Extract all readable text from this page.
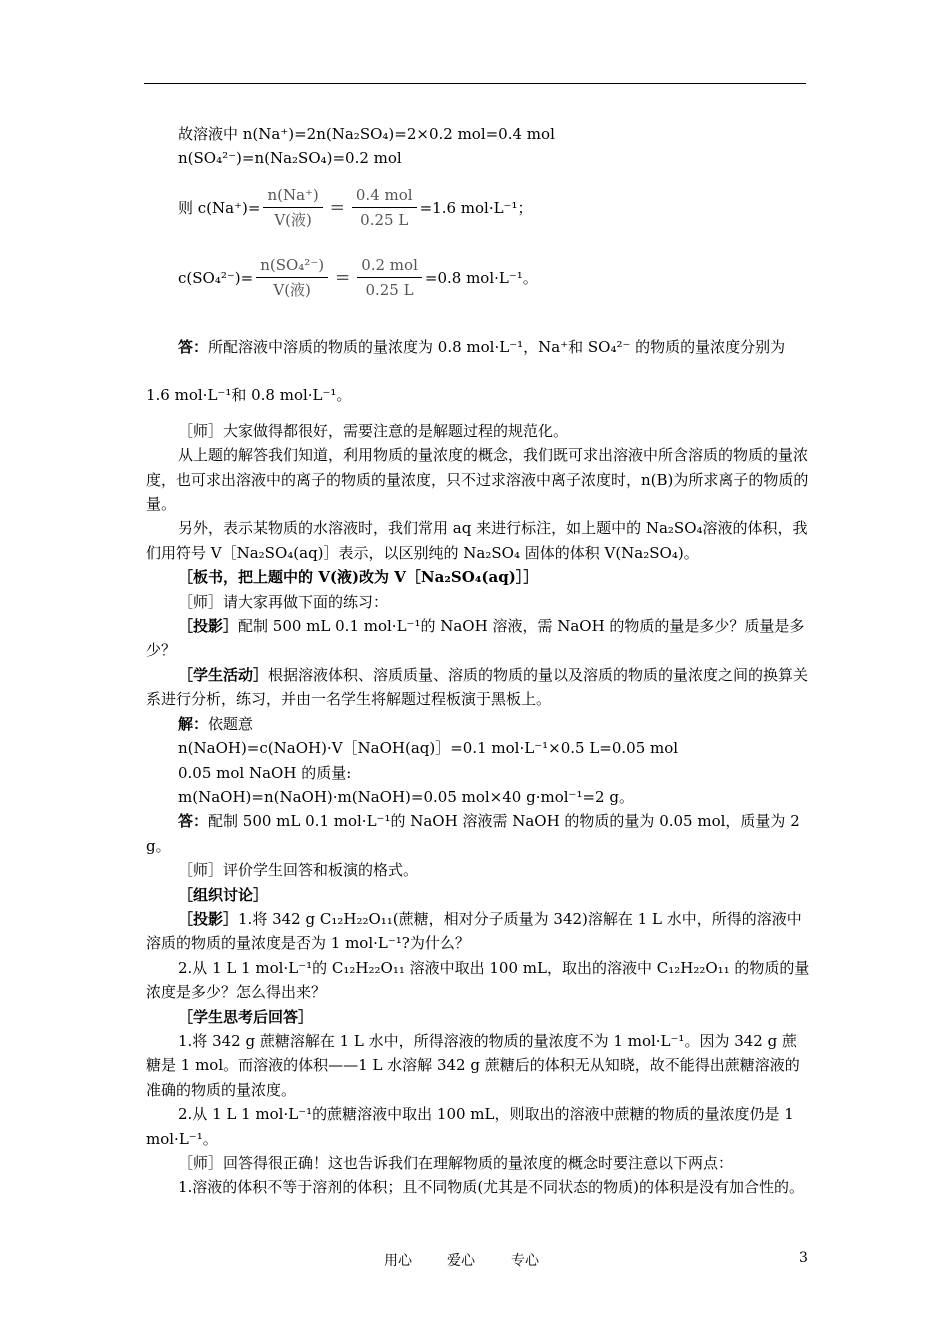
故溶液中 n(Na⁺)=2n(Na₂SO₄)=2×0.2 mol=0.4 mol

n(SO₄²⁻)=n(Na₂SO₄)=0.2 mol

则 $c(Na^+)= \frac{n(Na^+)}{\text{V(液)}} = \frac{\text{0.4 mol}}{0.25 L} =1.6$ mol·L⁻¹；
$c(SO_4^{2-})= \frac{\text{n(SO₄²⁻)}}{\text{V(液)}} = \frac{\text{0.2 mol}}{0.25 L} =0.8$ mol·L⁻¹。

答：所配溶液中溶质的物质的量浓度为 0.8 mol·L⁻¹，Na⁺和 SO₄²⁻ 的物质的量浓度分别为 1.6 mol·L⁻¹和 0.8 mol·L⁻¹。

［师］大家做得都很好，需要注意的是解题过程的规范化。

从上题的解答我们知道，利用物质的量浓度的概念，我们既可求出溶液中所含溶质的物质的量浓度，也可求出溶液中的离子的物质的量浓度，只不过求溶液中离子浓度时，n(B)为所求离子的物质的量。

另外，表示某物质的水溶液时，我们常用 aq 来进行标注，如上题中的 Na₂SO₄溶液的体积，我们用符号 V［Na₂SO₄(aq)］表示，以区别纯的 Na₂SO₄ 固体的体积 V(Na₂SO₄)。

［板书，把上题中的 V(液)改为 V［Na₂SO₄(aq)］］

［师］请大家再做下面的练习：

［投影］配制 500 mL 0.1 mol·L⁻¹的 NaOH 溶液，需 NaOH 的物质的量是多少？质量是多少？

［学生活动］根据溶液体积、溶质质量、溶质的物质的量以及溶质的物质的量浓度之间的换算关系进行分析，练习，并由一名学生将解题过程板演于黑板上。

解：依题意

n(NaOH)=c(NaOH)·V［NaOH(aq)］=0.1 mol·L⁻¹×0.5 L=0.05 mol

0.05 mol NaOH 的质量:

m(NaOH)=n(NaOH)·m(NaOH)=0.05 mol×40 g·mol⁻¹=2 g。

答：配制 500 mL 0.1 mol·L⁻¹的 NaOH 溶液需 NaOH 的物质的量为 0.05 mol，质量为 2 g。

［师］评价学生回答和板演的格式。

［组织讨论］

［投影］1.将 342 g C₁₂H₂₂O₁₁(蔗糖，相对分子质量为 342)溶解在 1 L 水中，所得的溶液中溶质的物质的量浓度是否为 1 mol·L⁻¹?为什么？

2.从 1 L 1 mol·L⁻¹的 C₁₂H₂₂O₁₁ 溶液中取出 100 mL，取出的溶液中 C₁₂H₂₂O₁₁ 的物质的量浓度是多少？怎么得出来？

［学生思考后回答］

1.将 342 g 蔗糖溶解在 1 L 水中，所得溶液的物质的量浓度不为 1 mol·L⁻¹。因为 342 g 蔗糖是 1 mol。而溶液的体积——1 L 水溶解 342 g 蔗糖后的体积无从知晓，故不能得出蔗糖溶液的准确的物质的量浓度。

2.从 1 L 1 mol·L⁻¹的蔗糖溶液中取出 100 mL，则取出的溶液中蔗糖的物质的量浓度仍是 1 mol·L⁻¹。

［师］回答得很正确！这也告诉我们在理解物质的量浓度的概念时要注意以下两点：

1.溶液的体积不等于溶剂的体积；且不同物质(尤其是不同状态的物质)的体积是没有加合性的。

用心	爱心	专心	3
